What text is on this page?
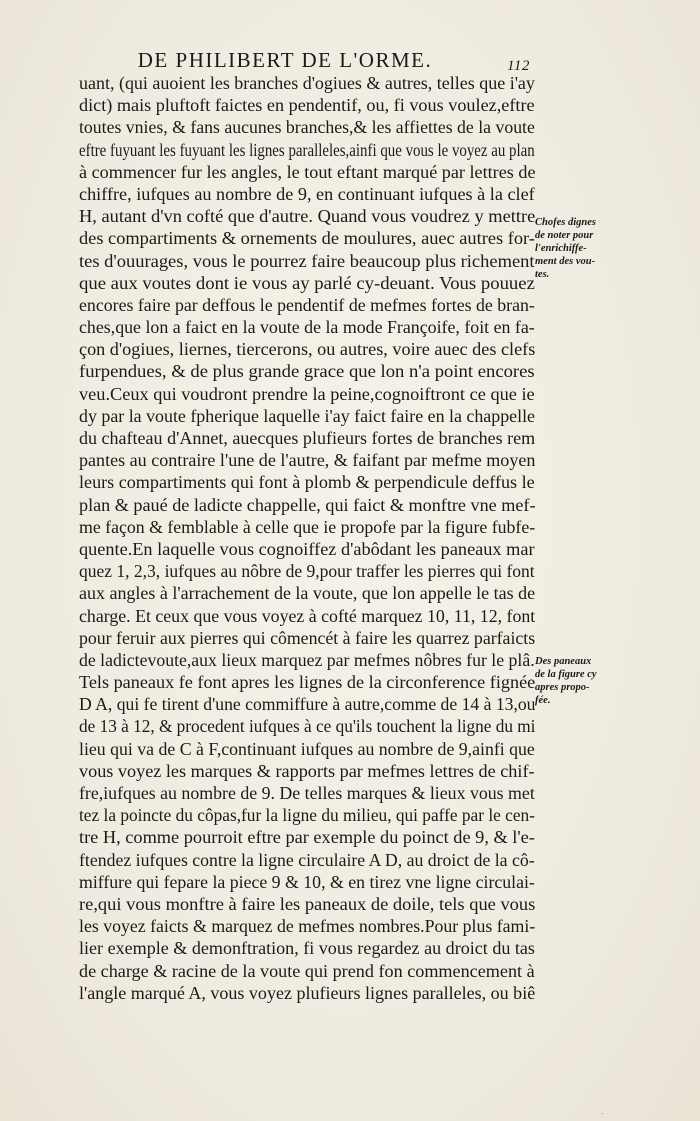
DE PHILIBERT DE L'ORME.	112
uant, (qui auoient les branches d'ogiues & autres, telles que i'ay
dict) mais pluftoft faictes en pendentif, ou, fi vous voulez,eftre
toutes vnies, & fans aucunes branches,& les affiettes de la voute
eftre fuyuant les fuyuant les lignes paralleles,ainfi que vous le voyez au plan
à commencer fur les angles, le tout eftant marqué par lettres de
chiffre, iufques au nombre de 9, en continuant iufques à la clef
H, autant d'vn cofté que d'autre. Quand vous voudrez y mettre
des compartiments & ornements de moulures, auec autres for-
tes d'ouurages, vous le pourrez faire beaucoup plus richement
que aux voutes dont ie vous ay parlé cy-deuant. Vous pouuez
encores faire par deffous le pendentif de mefmes fortes de bran-
ches,que lon a faict en la voute de la mode Françoife, foit en fa-
çon d'ogiues, liernes, tiercerons, ou autres, voire auec des clefs
furpendues, & de plus grande grace que lon n'a point encores
veu.Ceux qui voudront prendre la peine,cognoiftront ce que ie
dy par la voute fpherique laquelle i'ay faict faire en la chappelle
du chafteau d'Annet, auecques plufieurs fortes de branches rem
pantes au contraire l'une de l'autre, & faifant par mefme moyen
leurs compartiments qui font à plomb & perpendicule deffus le
plan & paué de ladicte chappelle, qui faict & monftre vne mef-
me façon & femblable à celle que ie propofe par la figure fubfe-
quente.En laquelle vous cognoiffez d'abôdant les paneaux mar
quez 1, 2,3, iufques au nôbre de 9,pour traffer les pierres qui font
aux angles à l'arrachement de la voute, que lon appelle le tas de
charge. Et ceux que vous voyez à cofté marquez 10, 11, 12, font
pour feruir aux pierres qui cômencét à faire les quarrez parfaicts
de ladictevoute,aux lieux marquez par mefmes nôbres fur le plâ.
Tels paneaux fe font apres les lignes de la circonference fignée
D A, qui fe tirent d'une commiffure à autre,comme de 14 à 13,ou
de 13 à 12, & procedent iufques à ce qu'ils touchent la ligne du mi
lieu qui va de C à F,continuant iufques au nombre de 9,ainfi que
vous voyez les marques & rapports par mefmes lettres de chif-
fre,iufques au nombre de 9. De telles marques & lieux vous met
tez la poincte du côpas,fur la ligne du milieu, qui paffe par le cen-
tre H, comme pourroit eftre par exemple du poinct de 9, & l'e-
ftendez iufques contre la ligne circulaire A D, au droict de la cô-
miffure qui fepare la piece 9 & 10, & en tirez vne ligne circulai-
re,qui vous monftre à faire les paneaux de doile, tels que vous
les voyez faicts & marquez de mefmes nombres.Pour plus fami-
lier exemple & demonftration, fi vous regardez au droict du tas
de charge & racine de la voute qui prend fon commencement à
l'angle marqué A, vous voyez plufieurs lignes paralleles, ou biê
Chofes dignes
de noter pour
l'enrichiffe-
ment des vou-
tes.
Des paneaux
de la figure cy
apres propo-
fée.
⸳
